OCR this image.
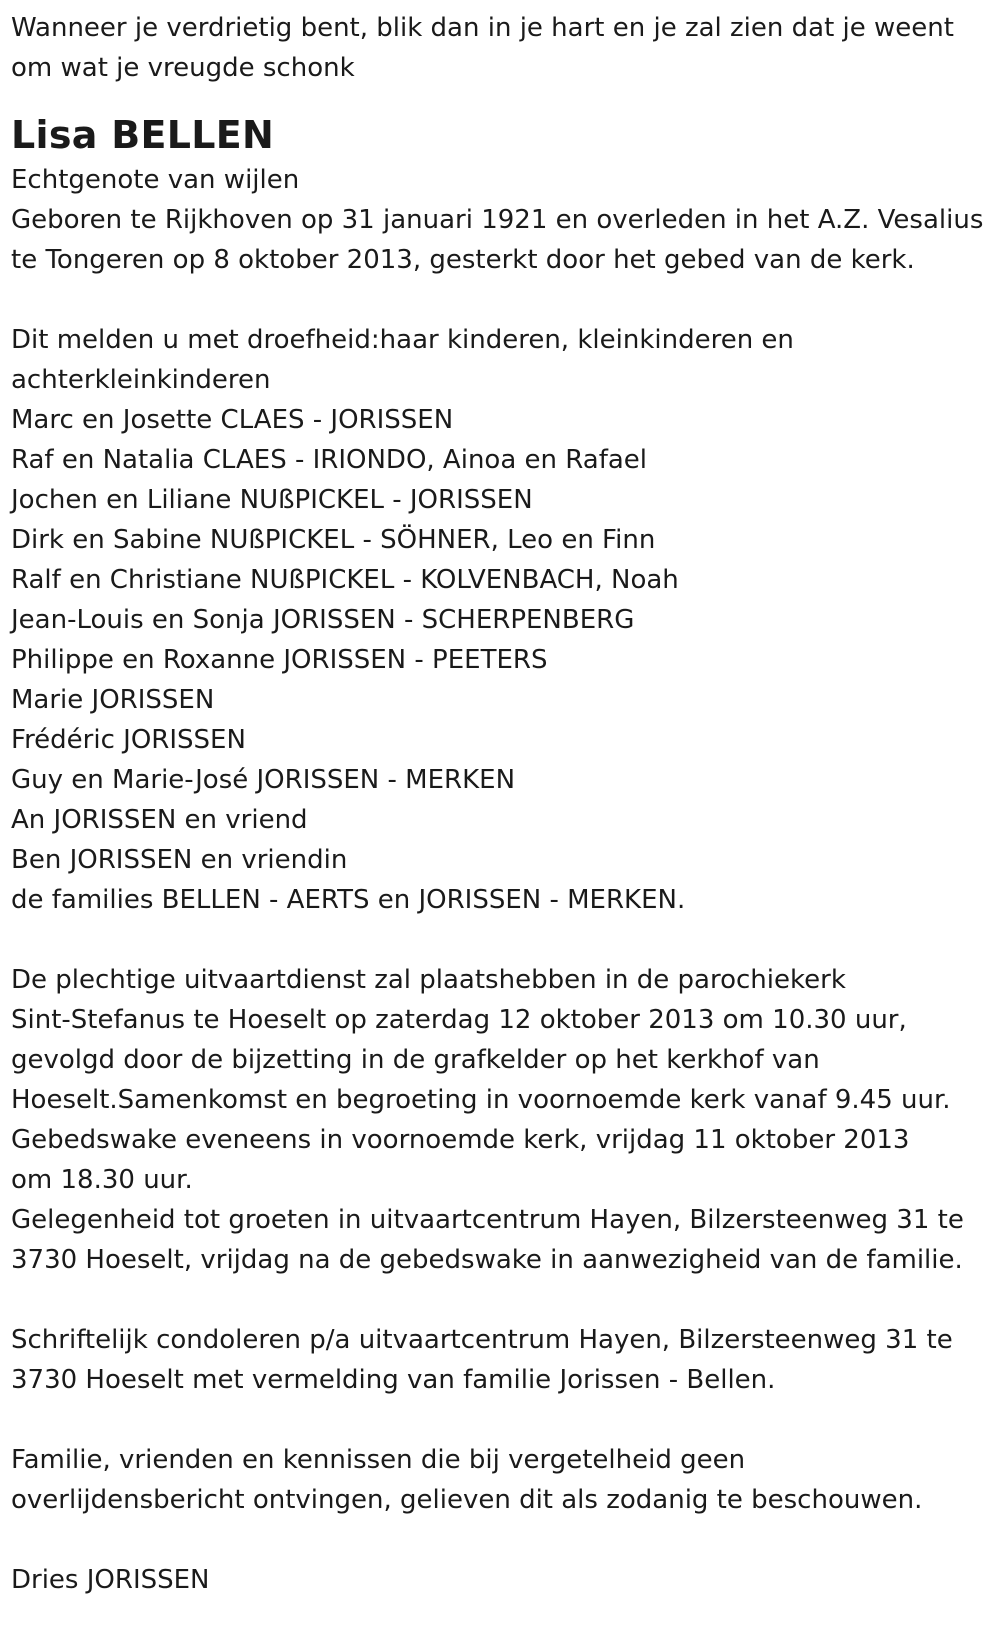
Wanneer je verdrietig bent, blik dan in je hart en je zal zien dat je weent

om wat je vreugde schonk

Lisa BELLEN

Echtgenote van wijlen

Geboren te Rijkhoven op 31 januari 1921 en overleden in het A.Z. Vesalius

te Tongeren op 8 oktober 2013, gesterkt door het gebed van de kerk.

Dit melden u met droefheid:haar kinderen, kleinkinderen en

achterkleinkinderen

Marc en Josette CLAES - JORISSEN

Raf en Natalia CLAES - IRIONDO, Ainoa en Rafael

Jochen en Liliane NUßPICKEL - JORISSEN

Dirk en Sabine NUßPICKEL - SÖHNER, Leo en Finn

Ralf en Christiane NUßPICKEL - KOLVENBACH, Noah

Jean-Louis en Sonja JORISSEN - SCHERPENBERG

Philippe en Roxanne JORISSEN - PEETERS

Marie JORISSEN

Frédéric JORISSEN

Guy en Marie-José JORISSEN - MERKEN

An JORISSEN en vriend

Ben JORISSEN en vriendin

de families BELLEN - AERTS en JORISSEN - MERKEN.

De plechtige uitvaartdienst zal plaatshebben in de parochiekerk

Sint-Stefanus te Hoeselt op zaterdag 12 oktober 2013 om 10.30 uur,

gevolgd door de bijzetting in de grafkelder op het kerkhof van

Hoeselt.Samenkomst en begroeting in voornoemde kerk vanaf 9.45 uur.

Gebedswake eveneens in voornoemde kerk, vrijdag 11 oktober 2013

om 18.30 uur.

Gelegenheid tot groeten in uitvaartcentrum Hayen, Bilzersteenweg 31 te

3730 Hoeselt, vrijdag na de gebedswake in aanwezigheid van de familie.

Schriftelijk condoleren p/a uitvaartcentrum Hayen, Bilzersteenweg 31 te

3730 Hoeselt met vermelding van familie Jorissen - Bellen.

Familie, vrienden en kennissen die bij vergetelheid geen

overlijdensbericht ontvingen, gelieven dit als zodanig te beschouwen.

Dries JORISSEN
